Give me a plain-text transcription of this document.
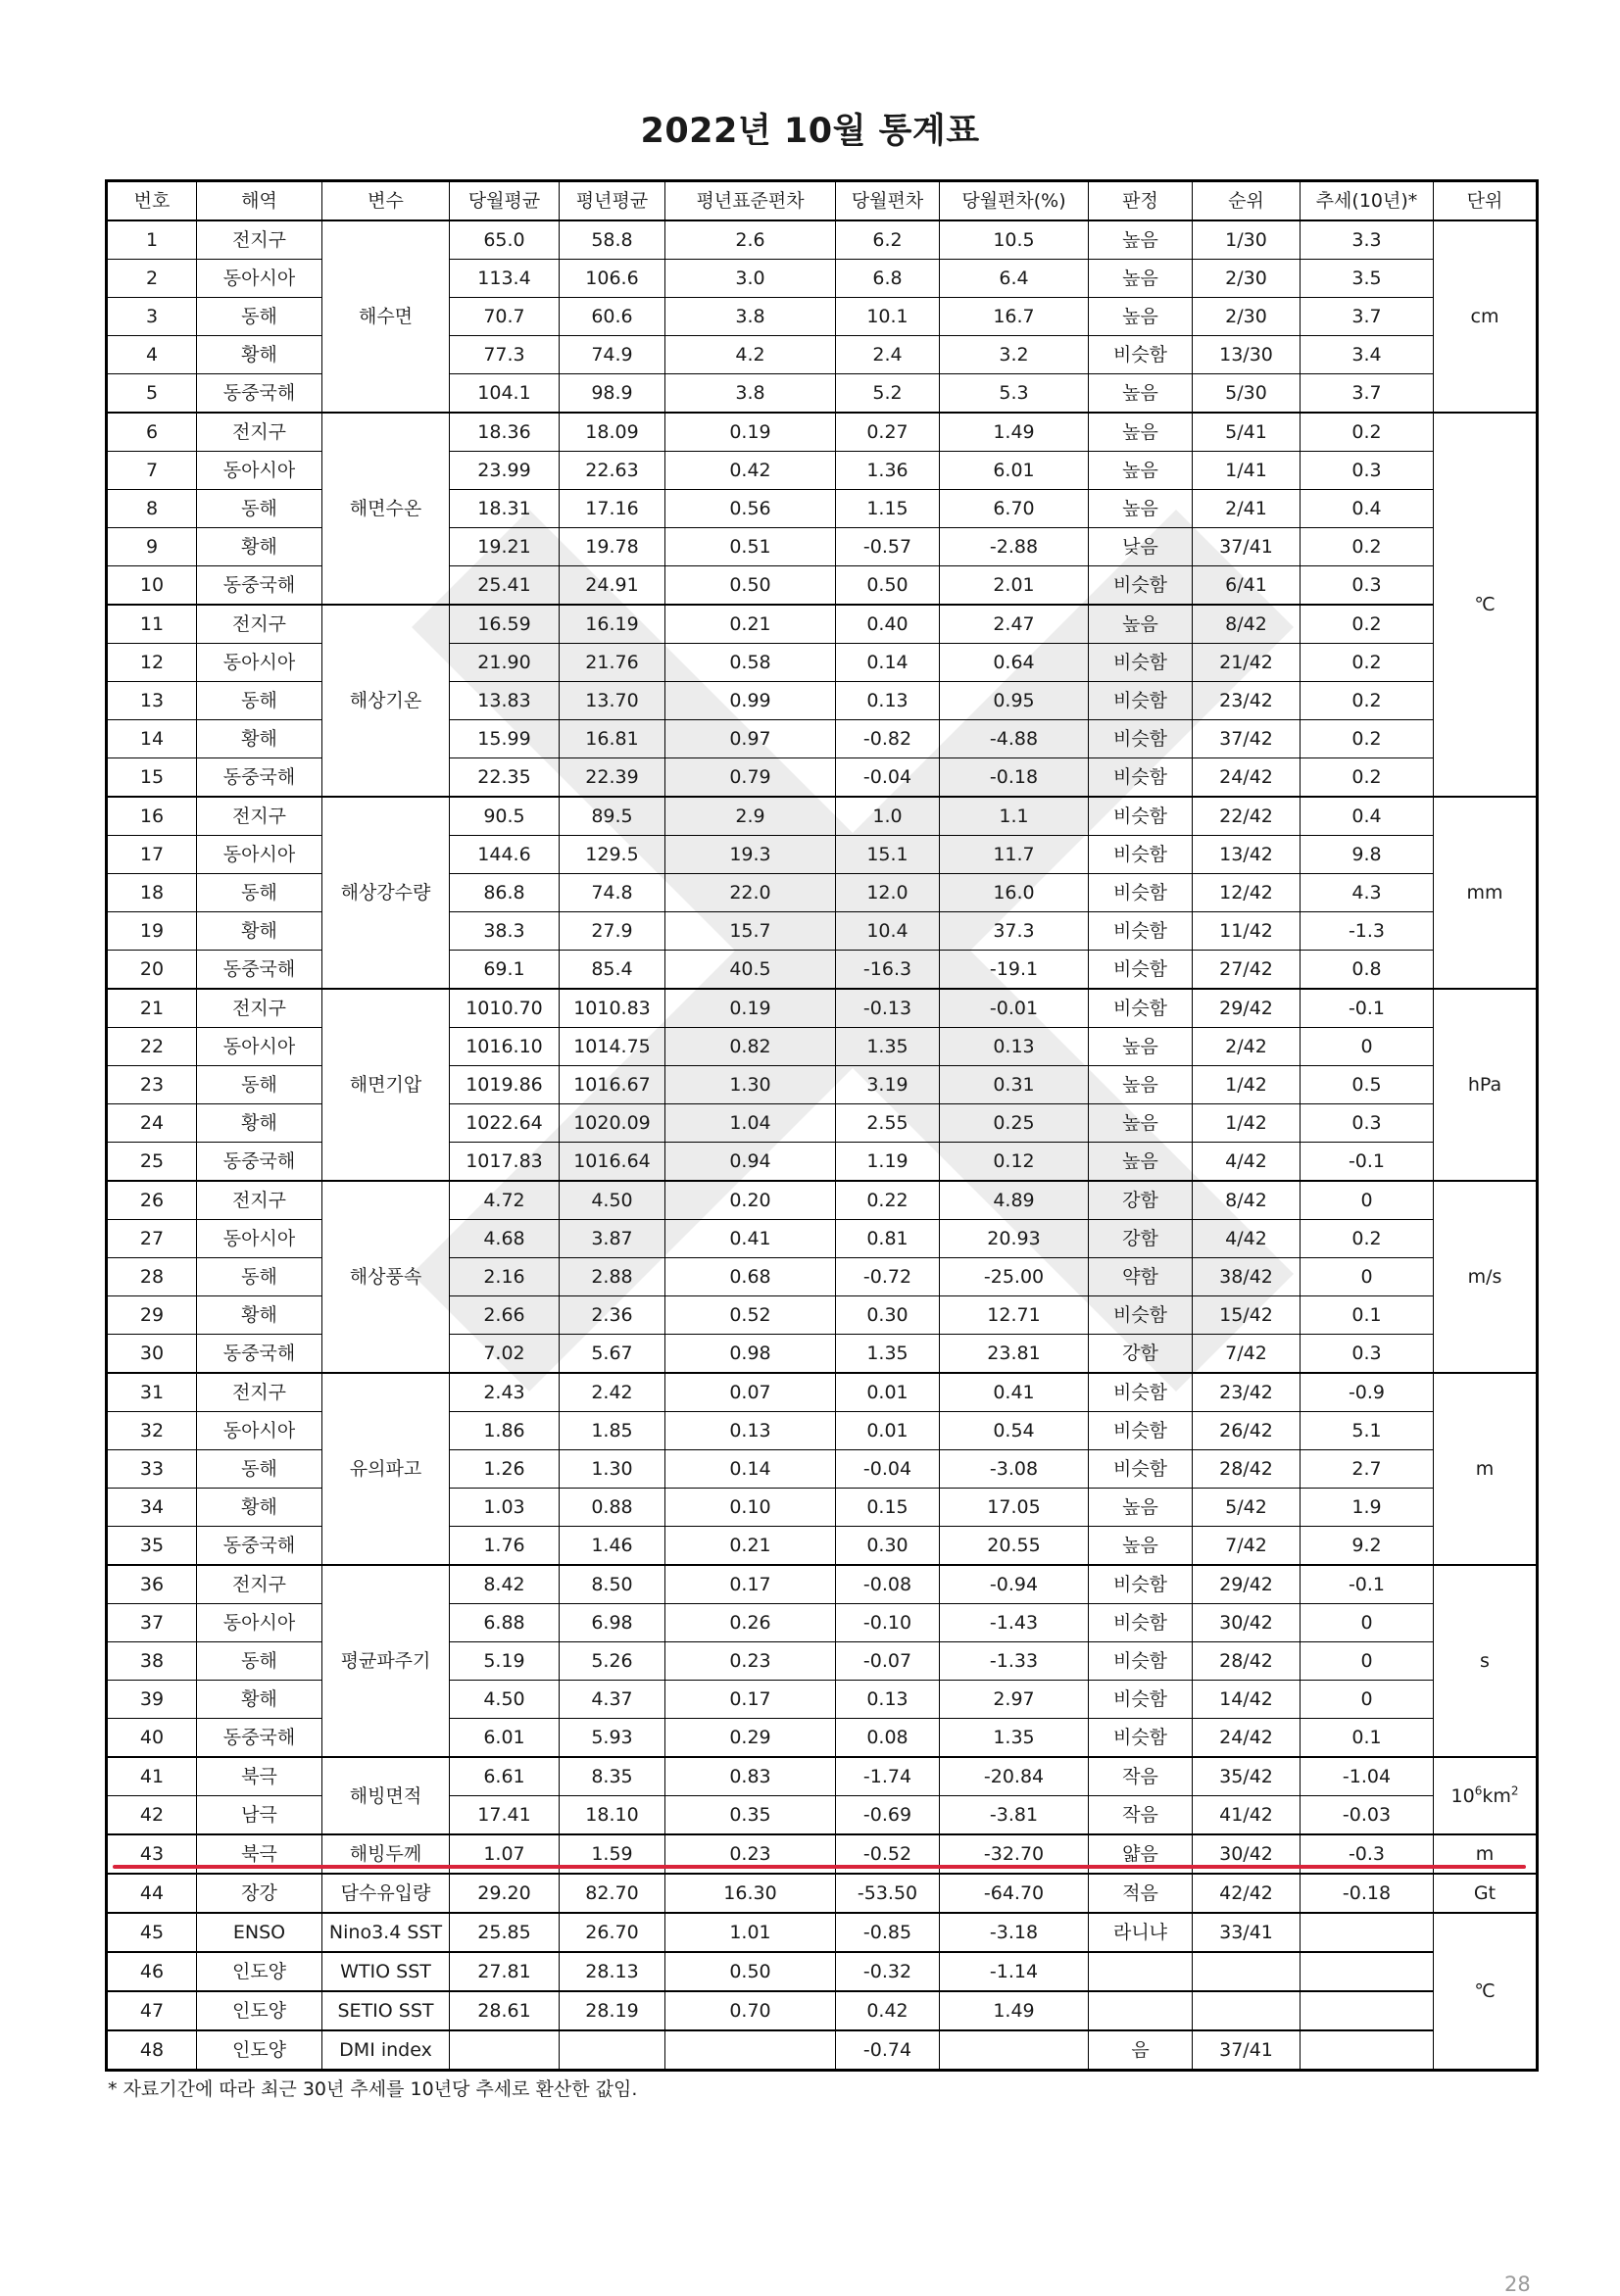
2022년 10월 통계표
번호	해역	변수	당월평균	평년평균	평년표준편차	당월편차	당월편차(%)	판정	순위	추세(10년)*	단위
1	전지구	해수면	65.0	58.8	2.6	6.2	10.5	높음	1/30	3.3	cm
2	동아시아		113.4	106.6	3.0	6.8	6.4	높음	2/30	3.5	
3	동해		70.7	60.6	3.8	10.1	16.7	높음	2/30	3.7	
4	황해		77.3	74.9	4.2	2.4	3.2	비슷함	13/30	3.4	
5	동중국해		104.1	98.9	3.8	5.2	5.3	높음	5/30	3.7	
6	전지구	해면수온	18.36	18.09	0.19	0.27	1.49	높음	5/41	0.2	℃
7	동아시아		23.99	22.63	0.42	1.36	6.01	높음	1/41	0.3	
8	동해		18.31	17.16	0.56	1.15	6.70	높음	2/41	0.4	
9	황해		19.21	19.78	0.51	-0.57	-2.88	낮음	37/41	0.2	
10	동중국해		25.41	24.91	0.50	0.50	2.01	비슷함	6/41	0.3	
11	전지구	해상기온	16.59	16.19	0.21	0.40	2.47	높음	8/42	0.2	
12	동아시아		21.90	21.76	0.58	0.14	0.64	비슷함	21/42	0.2	
13	동해		13.83	13.70	0.99	0.13	0.95	비슷함	23/42	0.2	
14	황해		15.99	16.81	0.97	-0.82	-4.88	비슷함	37/42	0.2	
15	동중국해		22.35	22.39	0.79	-0.04	-0.18	비슷함	24/42	0.2	
16	전지구	해상강수량	90.5	89.5	2.9	1.0	1.1	비슷함	22/42	0.4	mm
17	동아시아		144.6	129.5	19.3	15.1	11.7	비슷함	13/42	9.8	
18	동해		86.8	74.8	22.0	12.0	16.0	비슷함	12/42	4.3	
19	황해		38.3	27.9	15.7	10.4	37.3	비슷함	11/42	-1.3	
20	동중국해		69.1	85.4	40.5	-16.3	-19.1	비슷함	27/42	0.8	
21	전지구	해면기압	1010.70	1010.83	0.19	-0.13	-0.01	비슷함	29/42	-0.1	hPa
22	동아시아		1016.10	1014.75	0.82	1.35	0.13	높음	2/42	0	
23	동해		1019.86	1016.67	1.30	3.19	0.31	높음	1/42	0.5	
24	황해		1022.64	1020.09	1.04	2.55	0.25	높음	1/42	0.3	
25	동중국해		1017.83	1016.64	0.94	1.19	0.12	높음	4/42	-0.1	
26	전지구	해상풍속	4.72	4.50	0.20	0.22	4.89	강함	8/42	0	m/s
27	동아시아		4.68	3.87	0.41	0.81	20.93	강함	4/42	0.2	
28	동해		2.16	2.88	0.68	-0.72	-25.00	약함	38/42	0	
29	황해		2.66	2.36	0.52	0.30	12.71	비슷함	15/42	0.1	
30	동중국해		7.02	5.67	0.98	1.35	23.81	강함	7/42	0.3	
31	전지구	유의파고	2.43	2.42	0.07	0.01	0.41	비슷함	23/42	-0.9	m
32	동아시아		1.86	1.85	0.13	0.01	0.54	비슷함	26/42	5.1	
33	동해		1.26	1.30	0.14	-0.04	-3.08	비슷함	28/42	2.7	
34	황해		1.03	0.88	0.10	0.15	17.05	높음	5/42	1.9	
35	동중국해		1.76	1.46	0.21	0.30	20.55	높음	7/42	9.2	
36	전지구	평균파주기	8.42	8.50	0.17	-0.08	-0.94	비슷함	29/42	-0.1	s
37	동아시아		6.88	6.98	0.26	-0.10	-1.43	비슷함	30/42	0	
38	동해		5.19	5.26	0.23	-0.07	-1.33	비슷함	28/42	0	
39	황해		4.50	4.37	0.17	0.13	2.97	비슷함	14/42	0	
40	동중국해		6.01	5.93	0.29	0.08	1.35	비슷함	24/42	0.1	
41	북극	해빙면적	6.61	8.35	0.83	-1.74	-20.84	작음	35/42	-1.04	$10^6km^2$
42	남극		17.41	18.10	0.35	-0.69	-3.81	작음	41/42	-0.03	
43	북극	해빙두께	1.07	1.59	0.23	-0.52	-32.70	얇음	30/42	-0.3	m
44	장강	담수유입량	29.20	82.70	16.30	-53.50	-64.70	적음	42/42	-0.18	Gt
45	ENSO	Nino3.4 SST	25.85	26.70	1.01	-0.85	-3.18	라니냐	33/41		℃
46	인도양	WTIO SST	27.81	28.13	0.50	-0.32	-1.14				
47	인도양	SETIO SST	28.61	28.19	0.70	0.42	1.49				
48	인도양	DMI index				-0.74		음	37/41		
* 자료기간에 따라 최근 30년 추세를 10년당 추세로 환산한 값임.
28
